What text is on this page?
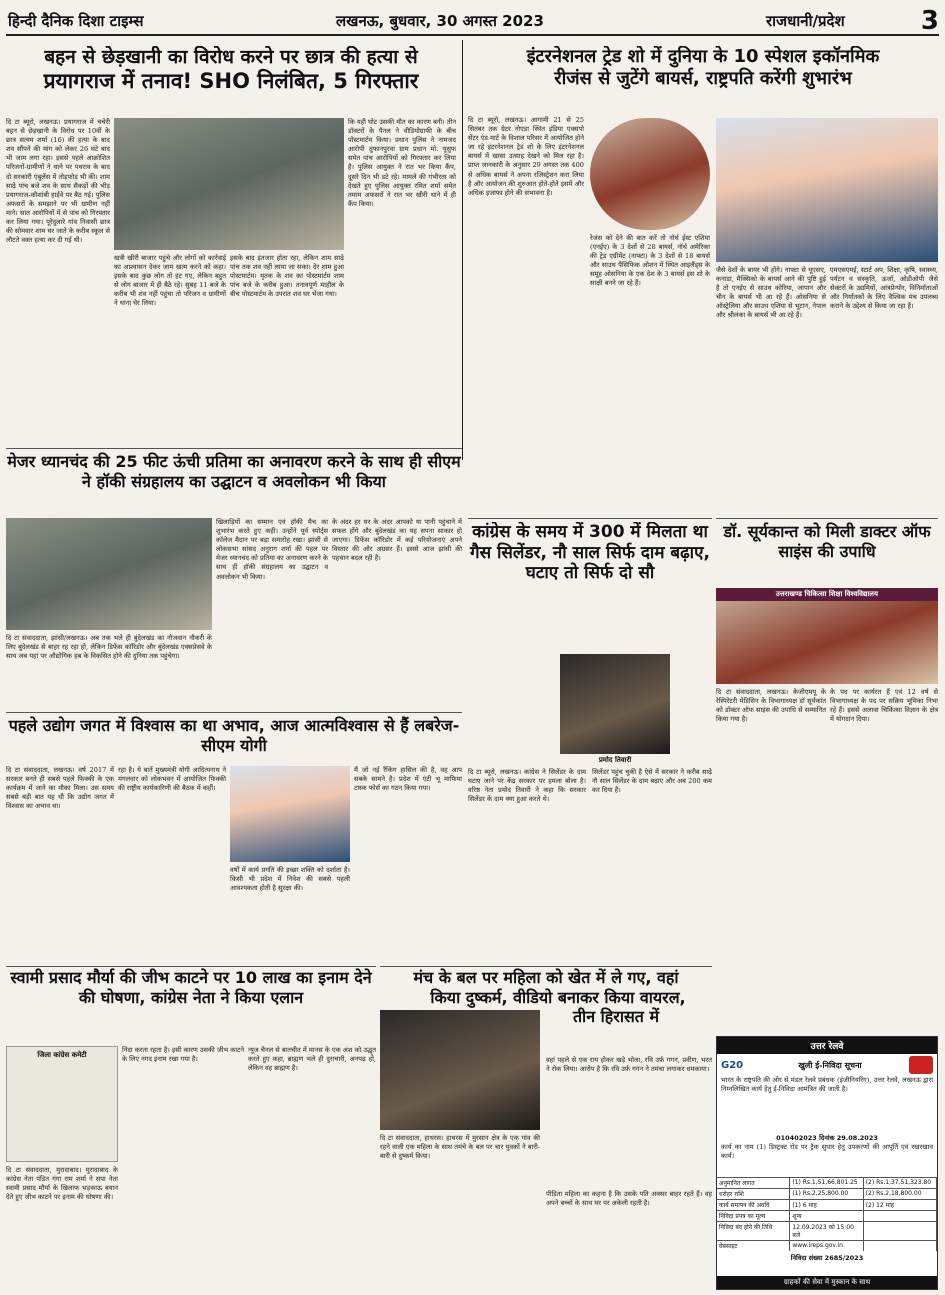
हिन्दी दैनिक दिशा टाइम्स	लखनऊ, बुधवार, 30 अगस्त 2023	राजधानी/प्रदेश	3
बहन से छेड़खानी का विरोध करने पर छात्र की हत्या से
प्रयागराज में तनाव! SHO निलंबित, 5 गिरफ्तार
दि टा ब्यूरो, लखनऊ। प्रयागराज में चचेरी बहन से छेड़खानी के विरोध पर 10वीं के छात्र सत्यम शर्मा (16) की हत्या के बाद शव सौंपने की मांग को लेकर 26 घंटे बाद भी जाम लगा रहा। इससे पहले आक्रोशित परिजनों-ग्रामीणों ने थाने पर पथराव के बाद दो सरकारी एंबुलेंस में तोड़फोड़ भी की। शाम साढ़े पांच बजे शव के साथ सैकड़ों की भीड़ प्रयागराज-कौशांबी हाईवे पर बैठ गई। पुलिस अफसरों के समझाने पर भी ग्रामीण नहीं माने। सात आरोपियों में से पांच को गिरफ्तार कर लिया गया। पूरेदुलारे गांव निवासी छात्र की सोमवार शाम घर जाते के करीब स्कूल से लौटते वक्त हत्या कर दी गई थी।
खत्री खीरी बाजार पहुंचे और लोगों को कार्रवाई का आश्वासन देकर जाम खत्म करने को कहा। इसके बाद कुछ लोग तो हट गए, लेकिन बहुत से लोग बाजार में ही बैठे रहे। सुबह 11 बजे के करीब भी शव नहीं पहुंचा तो परिजन व ग्रामीणों ने थाना घेर लिया।
इसके बाद इंतजार होता रहा, लेकिन शाम साढ़े पांच तक शव नहीं लाया जा सका। देर शाम हुआ पोस्टमार्टम। मृतक के शव का पोस्टमार्टम शाम पांच बजे के करीब हुआ। तनावपूर्ण माहौल के बीच पोस्टमार्टम के उपरांत शव घर भेजा गया।
कि यही घोट उसकी मौत का कारण बनी। तीन डॉक्टरों के पैनल ने वीडियोग्राफी के बीच पोस्टमार्टम किया। प्रधान पुलिस ने नामजद आरोपी तुफानपुरवा ग्राम प्रधान मो. यूसुफ समेत पांच आरोपियों को गिरफ्तार कर लिया है। पुलिस आयुक्त ने रात भर किया कैंप, दूसरे दिन भी डटे रहे। मामले की गंभीरता को देखते हुए पुलिस आयुक्त रमित शर्मा समेत तमाम अफसरों ने रात भर खीरी थाने में ही कैंप किया।
इंटरनेशनल ट्रेड शो में दुनिया के 10 स्पेशल इकॉनमिक
रीजंस से जुटेंगे बायर्स, राष्ट्रपति करेंगी शुभारंभ
दि टा ब्यूरो, लखनऊ। आगामी 21 से 25 सितंबर तक ग्रेटर नोएडा स्थित इंडिया एक्सपो सेंटर एंड मार्ट के विशाल परिसर में आयोजित होने जा रहे इंटरनेशनल ट्रेड शो के लिए इंटरनेशनल बायर्स में खासा उत्साह देखने को मिल रहा है। प्राप्त जानकारी के अनुसार 29 अगस्त तक 400 से अधिक बायर्स ने अपना रजिस्ट्रेशन करा लिया है और आयोजन की शुरुआत होते-होते इसमें और अधिक इजाफा होने की संभावना है।
रेजंस को देने की बात करें तो नॉर्थ ईस्ट एशिया (एनईए) के 3 देशों से 28 बायर्स, नॉर्थ अमेरिका की ट्रेड एग्रीमेंट (नाफ्टा) के 3 देशों से 18 बायर्स और साउथ पैसिफिक ओशन में स्थित आइलैंड्स के समूह ओसनिया के एक देश के 3 बायर्स इस शो के साक्षी बनने जा रहे हैं।
जैसे देशों के बायर भी होंगे। नाफ्टा से यूएसए, कनाडा, मैक्सिको के बायर्स आने की पुष्टि हुई है तो एनईए से साउथ कोरिया, जापान और चीन के बायर्स भी आ रहे हैं। ओसनिया से ऑस्ट्रेलिया और साउथ एशिया से भूटान, नेपाल और श्रीलंका के बायर्स भी आ रहे हैं।
एमएसएमई, स्टार्ट अप, शिक्षा, कृषि, स्वास्थ्य, पर्यटन व संस्कृति, ऊर्जा, ओडीओपी जैसे सेक्टरों के उद्यमियों, आंत्रप्रेन्योर, विनिर्माताओं और निर्यातकों के लिए वैश्विक मंच उपलब्ध कराने के उद्देश्य से किया जा रहा है।
मेजर ध्यानचंद की 25 फीट ऊंची प्रतिमा का अनावरण करने के साथ ही सीएम ने हॉकी संग्रहालय का उद्घाटन व अवलोकन भी किया
दि टा संवाददाता, झांसी/लखनऊ। अब तक भले ही बुंदेलखंड का नौजवान नौकरी के लिए बुंदेलखंड से बाहर रह रहा हो, लेकिन डिफेंस कॉरिडोर और बुंदेलखंड एक्सप्रेसवे के साथ जब यहां पर औद्योगिक हब के विकसित होने की दुनिया तक पहुंचेगा।
खिलाड़ियों का सम्मान एवं हॉकी मैच का शुभारंभ करते हुए कही। उन्होंने पूर्व स्पोर्ट्स कॉलेज मैदान पर बड़ा समारोह रखा। झांसी से लोकसभा सांसद अनुराग शर्मा की पहल पर मेजर ध्यानचंद को प्रतिमा का अनावरण करने के साथ ही हॉकी संग्रहालय का उद्घाटन व अवलोकन भी किया।
के अंदर हर घर के अंदर आपको या पानी पहुंचाने में सफल होंगे और बुंदेलखंड का यह सपना साकार हो जाएगा। डिफेंस कॉरिडोर में कई परियोजनाएं अपने विस्तार की ओर अग्रसर हैं। इससे आज झांसी की पहचान बदल रही है।
कांग्रेस के समय में 300 में मिलता था गैस सिलेंडर, नौ साल सिर्फ दाम बढ़ाए, घटाए तो सिर्फ दो सौ
प्रमोद तिवारी
दि टा ब्यूरो, लखनऊ। कांग्रेस ने सिलेंडर के दाम घटाए जाने पर केंद्र सरकार पर हमला बोला है। वरिष्ठ नेता प्रमोद तिवारी ने कहा कि सरकार सिलेंडर के दाम क्या हुआ करते थे।
सिलेंडर पहुंच चुकी है ऐसे में सरकार ने करीब साढ़े नौ साल सिलेंडर के दाम बढ़ाए और अब 200 कम कर दिया है।
डॉ. सूर्यकान्त को मिली डाक्टर ऑफ साइंस की उपाधि
उत्तराखण्ड चिकित्सा शिक्षा विश्वविद्यालय
दि टा संवाददाता, लखनऊ। केजीएमयू के रेस्पिरेटरी मेडिसिन के विभागाध्यक्ष डॉ सूर्यकांत को डॉक्टर ऑफ साइंस की उपाधि से सम्मानित किया गया है।
के पद पर कार्यरत हैं एवं 12 वर्ष से विभागाध्यक्ष के पद पर सक्रिय भूमिका निभा रहे हैं। इससे अलावा चिकित्सा विज्ञान के क्षेत्र में योगदान दिया।
पहले उद्योग जगत में विश्वास का था अभाव, आज आत्मविश्वास से हैं लबरेज- सीएम योगी
दि टा संवाददाता, लखनऊ। वर्ष 2017 में सरकार बनते ही सबसे पहले फिक्की के एक कार्यक्रम में जाने का मौका मिला। उस समय सबसे बड़ी बात यह थी कि उद्योग जगत में विश्वास का अभाव था।
रहा है। ये बातें मुख्यमंत्री योगी आदित्यनाथ ने मंगलवार को लोकभवन में आयोजित फिक्की की राष्ट्रीय कार्यकारिणी की बैठक में कहीं।
वर्षों में कार्य प्रगति की इच्छा शक्ति को दर्शाता है। किसी भी प्रदेश में निवेश की सबसे पहली आवश्यकता होती है सुरक्षा की।
मैं जो नई रैंकिंग हासिल की है, वह आप सबके सामने है। प्रदेश में एंटी भू माफिया टास्क फोर्स का गठन किया गया।
स्वामी प्रसाद मौर्या की जीभ काटने पर 10 लाख का इनाम देने की घोषणा, कांग्रेस नेता ने किया एलान
जिला कांग्रेस कमेटी
दि टा संवाददाता, मुरादाबाद। मुरादाबाद के कांग्रेस नेता पंडित गंगा राम शर्मा ने सपा नेता स्वामी प्रसाद मौर्या के खिलाफ भड़काऊ बयान देते हुए जीभ काटने पर इनाम की घोषणा की।
निंदा करता रहता है। इसी कारण उसकी जीभ काटने के लिए नगद इनाम रखा गया है।
न्यूज चैनल से बातचीत में मानस के एक अंश को उद्धृत करते हुए कहा, ब्राह्मण भले ही दुराचारी, अनपढ़ हो, लेकिन वह ब्राह्मण है।
मंच के बल पर महिला को खेत में ले गए, वहां
किया दुष्कर्म, वीडियो बनाकर किया वायरल,
तीन हिरासत में
दि टा संवाददाता, हाथरस। हाथरस में मुरसान क्षेत्र के एक गांव की रहने वाली एक महिला के साथ तमंचे के बल पर चार युवकों ने बारी-बारी से दुष्कर्म किया।
वहां पहले से एक राय होकर खड़े भोला, रवि उर्फ़ गगन, प्रवीण, भरत ने रोक लिया। आरोप है कि रवि उर्फ़ गगन ने तमंचा लगाकर धमकाया।
पीड़िता महिला का कहना है कि उसके पति अक्सर बाहर रहते हैं। वह अपने बच्चों के साथ घर पर अकेली रहती है।
उत्तर रेलवे
G20	खुली ई-निविदा सूचना
भारत के राष्ट्रपति की ओर से मंडल रेलवे प्रबंधक (इंजीनियरिंग), उत्तर रेलवे, लखनऊ द्वारा निम्नलिखित कार्य हेतु ई-निविदा आमंत्रित की जाती है।
010402023 दिनांक 29.08.2023
कार्य का नाम (1) डिस्ट्रक्ट रोड पर ट्रैक सुधार हेतु उपकरणों की आपूर्ति एवं रखरखाव कार्य।
अनुमानित लागत	(1) Rs.1,51,66,801.25	(2) Rs.1,37,51,323.80
धरोहर राशि	(1) Rs.2,25,800.00	(2) Rs.2,18,800.00
कार्य समापन की अवधि	(1) 6 माह	(2) 12 माह
निविदा प्रपत्र का मूल्य	शून्य
निविदा बंद होने की तिथि	12.09.2023 को 15:00 बजे
वेबसाइट	www.ireps.gov.in
निविदा संख्या 2685/2023
ग्राहकों की सेवा में मुस्कान के साथ
